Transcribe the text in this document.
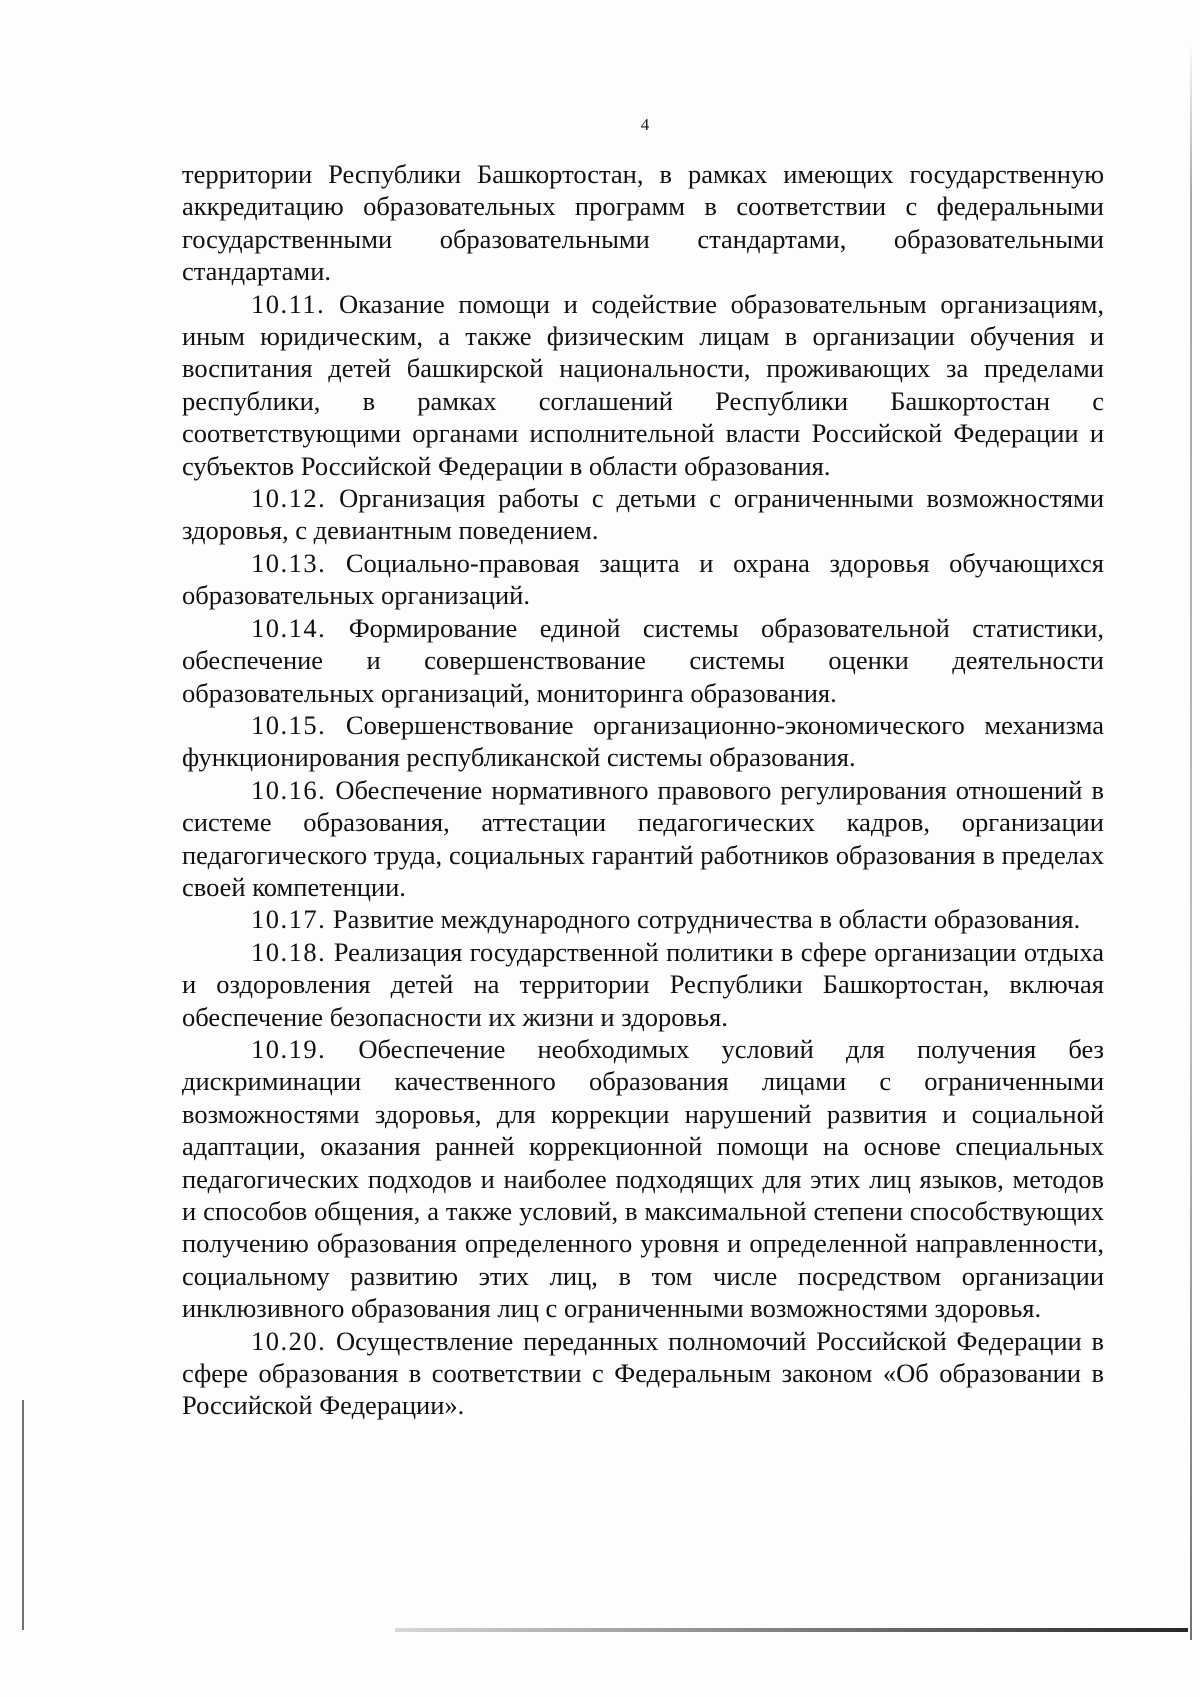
4

территории Республики Башкортостан, в рамках имеющих государственную аккредитацию образовательных программ в соответствии с федеральными государственными образовательными стандартами, образовательными стандартами.

10.11. Оказание помощи и содействие образовательным организациям, иным юридическим, а также физическим лицам в организации обучения и воспитания детей башкирской национальности, проживающих за пределами республики, в рамках соглашений Республики Башкортостан с соответствующими органами исполнительной власти Российской Федерации и субъектов Российской Федерации в области образования.

10.12. Организация работы с детьми с ограниченными возможностями здоровья, с девиантным поведением.

10.13. Социально-правовая защита и охрана здоровья обучающихся образовательных организаций.

10.14. Формирование единой системы образовательной статистики, обеспечение и совершенствование системы оценки деятельности образовательных организаций, мониторинга образования.

10.15. Совершенствование организационно-экономического механизма функционирования республиканской системы образования.

10.16. Обеспечение нормативного правового регулирования отношений в системе образования, аттестации педагогических кадров, организации педагогического труда, социальных гарантий работников образования в пределах своей компетенции.

10.17. Развитие международного сотрудничества в области образования.

10.18. Реализация государственной политики в сфере организации отдыха и оздоровления детей на территории Республики Башкортостан, включая обеспечение безопасности их жизни и здоровья.

10.19. Обеспечение необходимых условий для получения без дискриминации качественного образования лицами с ограниченными возможностями здоровья, для коррекции нарушений развития и социальной адаптации, оказания ранней коррекционной помощи на основе специальных педагогических подходов и наиболее подходящих для этих лиц языков, методов и способов общения, а также условий, в максимальной степени способствующих получению образования определенного уровня и определенной направленности, социальному развитию этих лиц, в том числе посредством организации инклюзивного образования лиц с ограниченными возможностями здоровья.

10.20. Осуществление переданных полномочий Российской Федерации в сфере образования в соответствии с Федеральным законом «Об образовании в Российской Федерации».
